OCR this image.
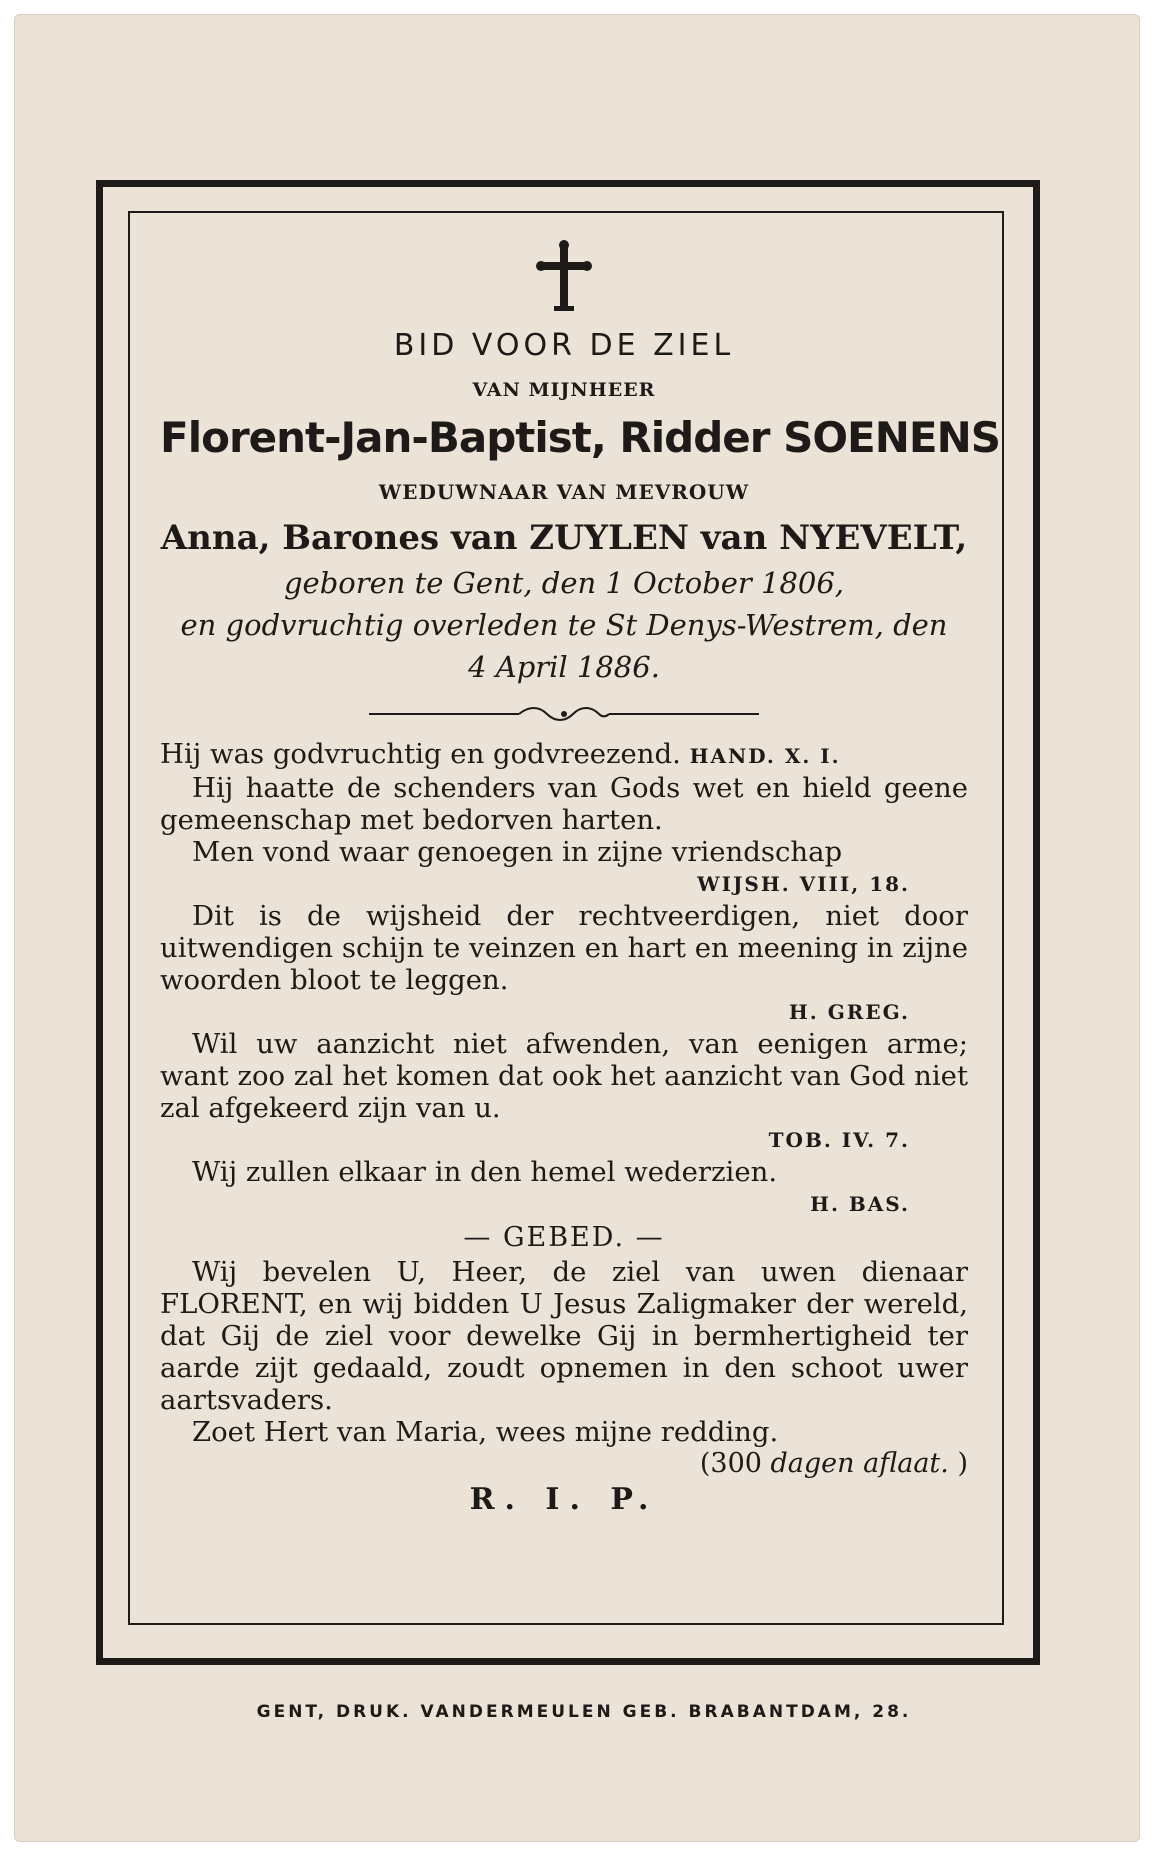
BID VOOR DE ZIEL
VAN MIJNHEER
Florent-Jan-Baptist, Ridder SOENENS
WEDUWNAAR VAN MEVROUW
Anna, Barones van ZUYLEN van NYEVELT,
geboren te Gent, den 1 October 1806,
en godvruchtig overleden te St Denys-Westrem, den
4 April 1886.

Hij was godvruchtig en godvreezend. HAND. X. I.

Hij haatte de schenders van Gods wet en hield geene gemeenschap met bedorven harten.

Men vond waar genoegen in zijne vriendschap

WIJSH. VIII, 18.

Dit is de wijsheid der rechtveerdigen, niet door uitwendigen schijn te veinzen en hart en meening in zijne woorden bloot te leggen.

H. GREG.

Wil uw aanzicht niet afwenden, van eenigen arme; want zoo zal het komen dat ook het aanzicht van God niet zal afgekeerd zijn van u.

TOB. IV. 7.

Wij zullen elkaar in den hemel wederzien.

H. BAS.
— GEBED. —

Wij bevelen U, Heer, de ziel van uwen dienaar FLORENT, en wij bidden U Jesus Zaligmaker der wereld, dat Gij de ziel voor dewelke Gij in bermhertigheid ter aarde zijt gedaald, zoudt opnemen in den schoot uwer aartsvaders.

Zoet Hert van Maria, wees mijne redding.

(300 dagen aflaat. )
R. I. P.
GENT, DRUK. VANDERMEULEN GEB. BRABANTDAM, 28.
